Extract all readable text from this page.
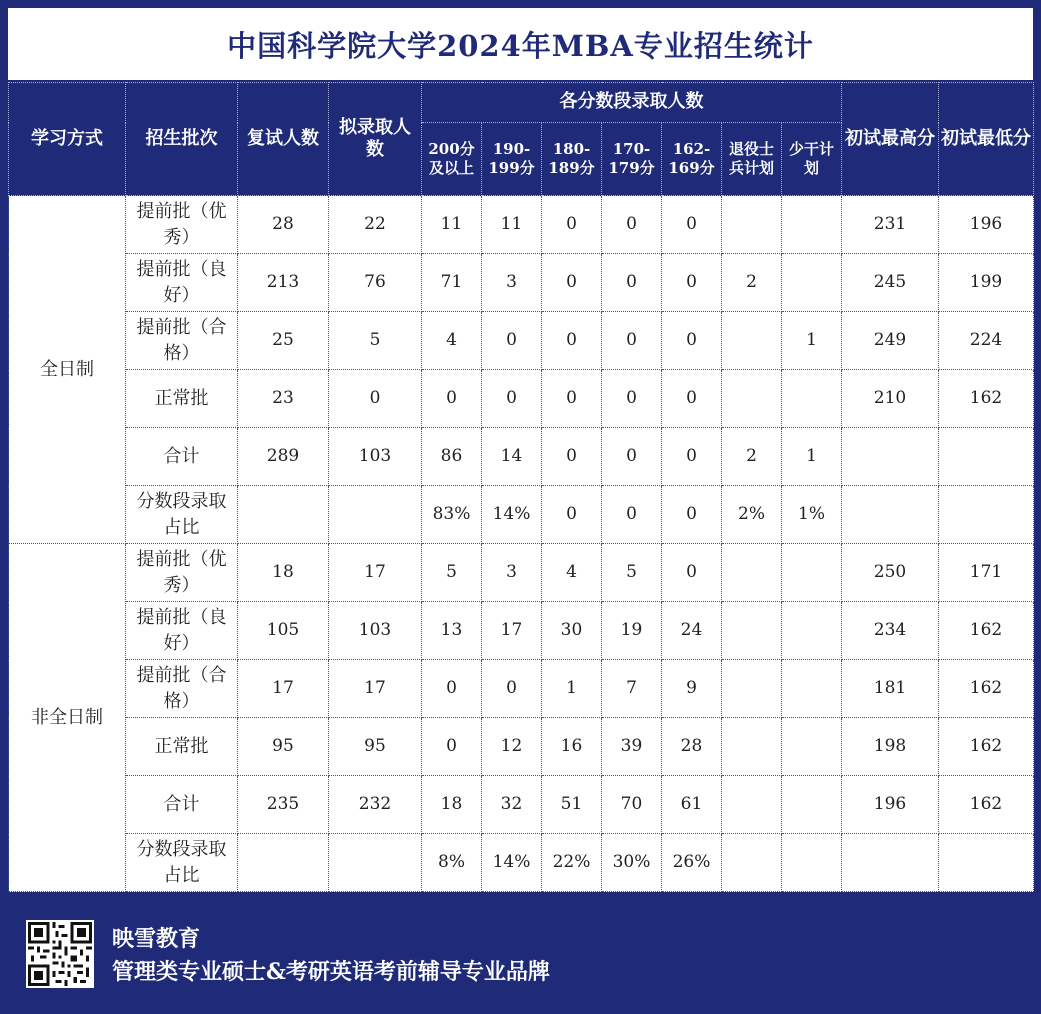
中国科学院大学2024年MBA专业招生统计
学习方式	招生批次	复试人数	拟录取人数	各分数段录取人数							初试最高分	初试最低分
				200分及以上	190-199分	180-189分	170-179分	162-169分	退役士兵计划	少干计划		
全日制	提前批（优秀）	28	22	11	11	0	0	0			231	196
	提前批（良好）	213	76	71	3	0	0	0	2		245	199
	提前批（合格）	25	5	4	0	0	0	0		1	249	224
	正常批	23	0	0	0	0	0	0			210	162
	合计	289	103	86	14	0	0	0	2	1		
	分数段录取占比			83%	14%	0	0	0	2%	1%		
非全日制	提前批（优秀）	18	17	5	3	4	5	0			250	171
	提前批（良好）	105	103	13	17	30	19	24			234	162
	提前批（合格）	17	17	0	0	1	7	9			181	162
	正常批	95	95	0	12	16	39	28			198	162
	合计	235	232	18	32	51	70	61			196	162
	分数段录取占比			8%	14%	22%	30%	26%				
映雪教育
管理类专业硕士&考研英语考前辅导专业品牌
